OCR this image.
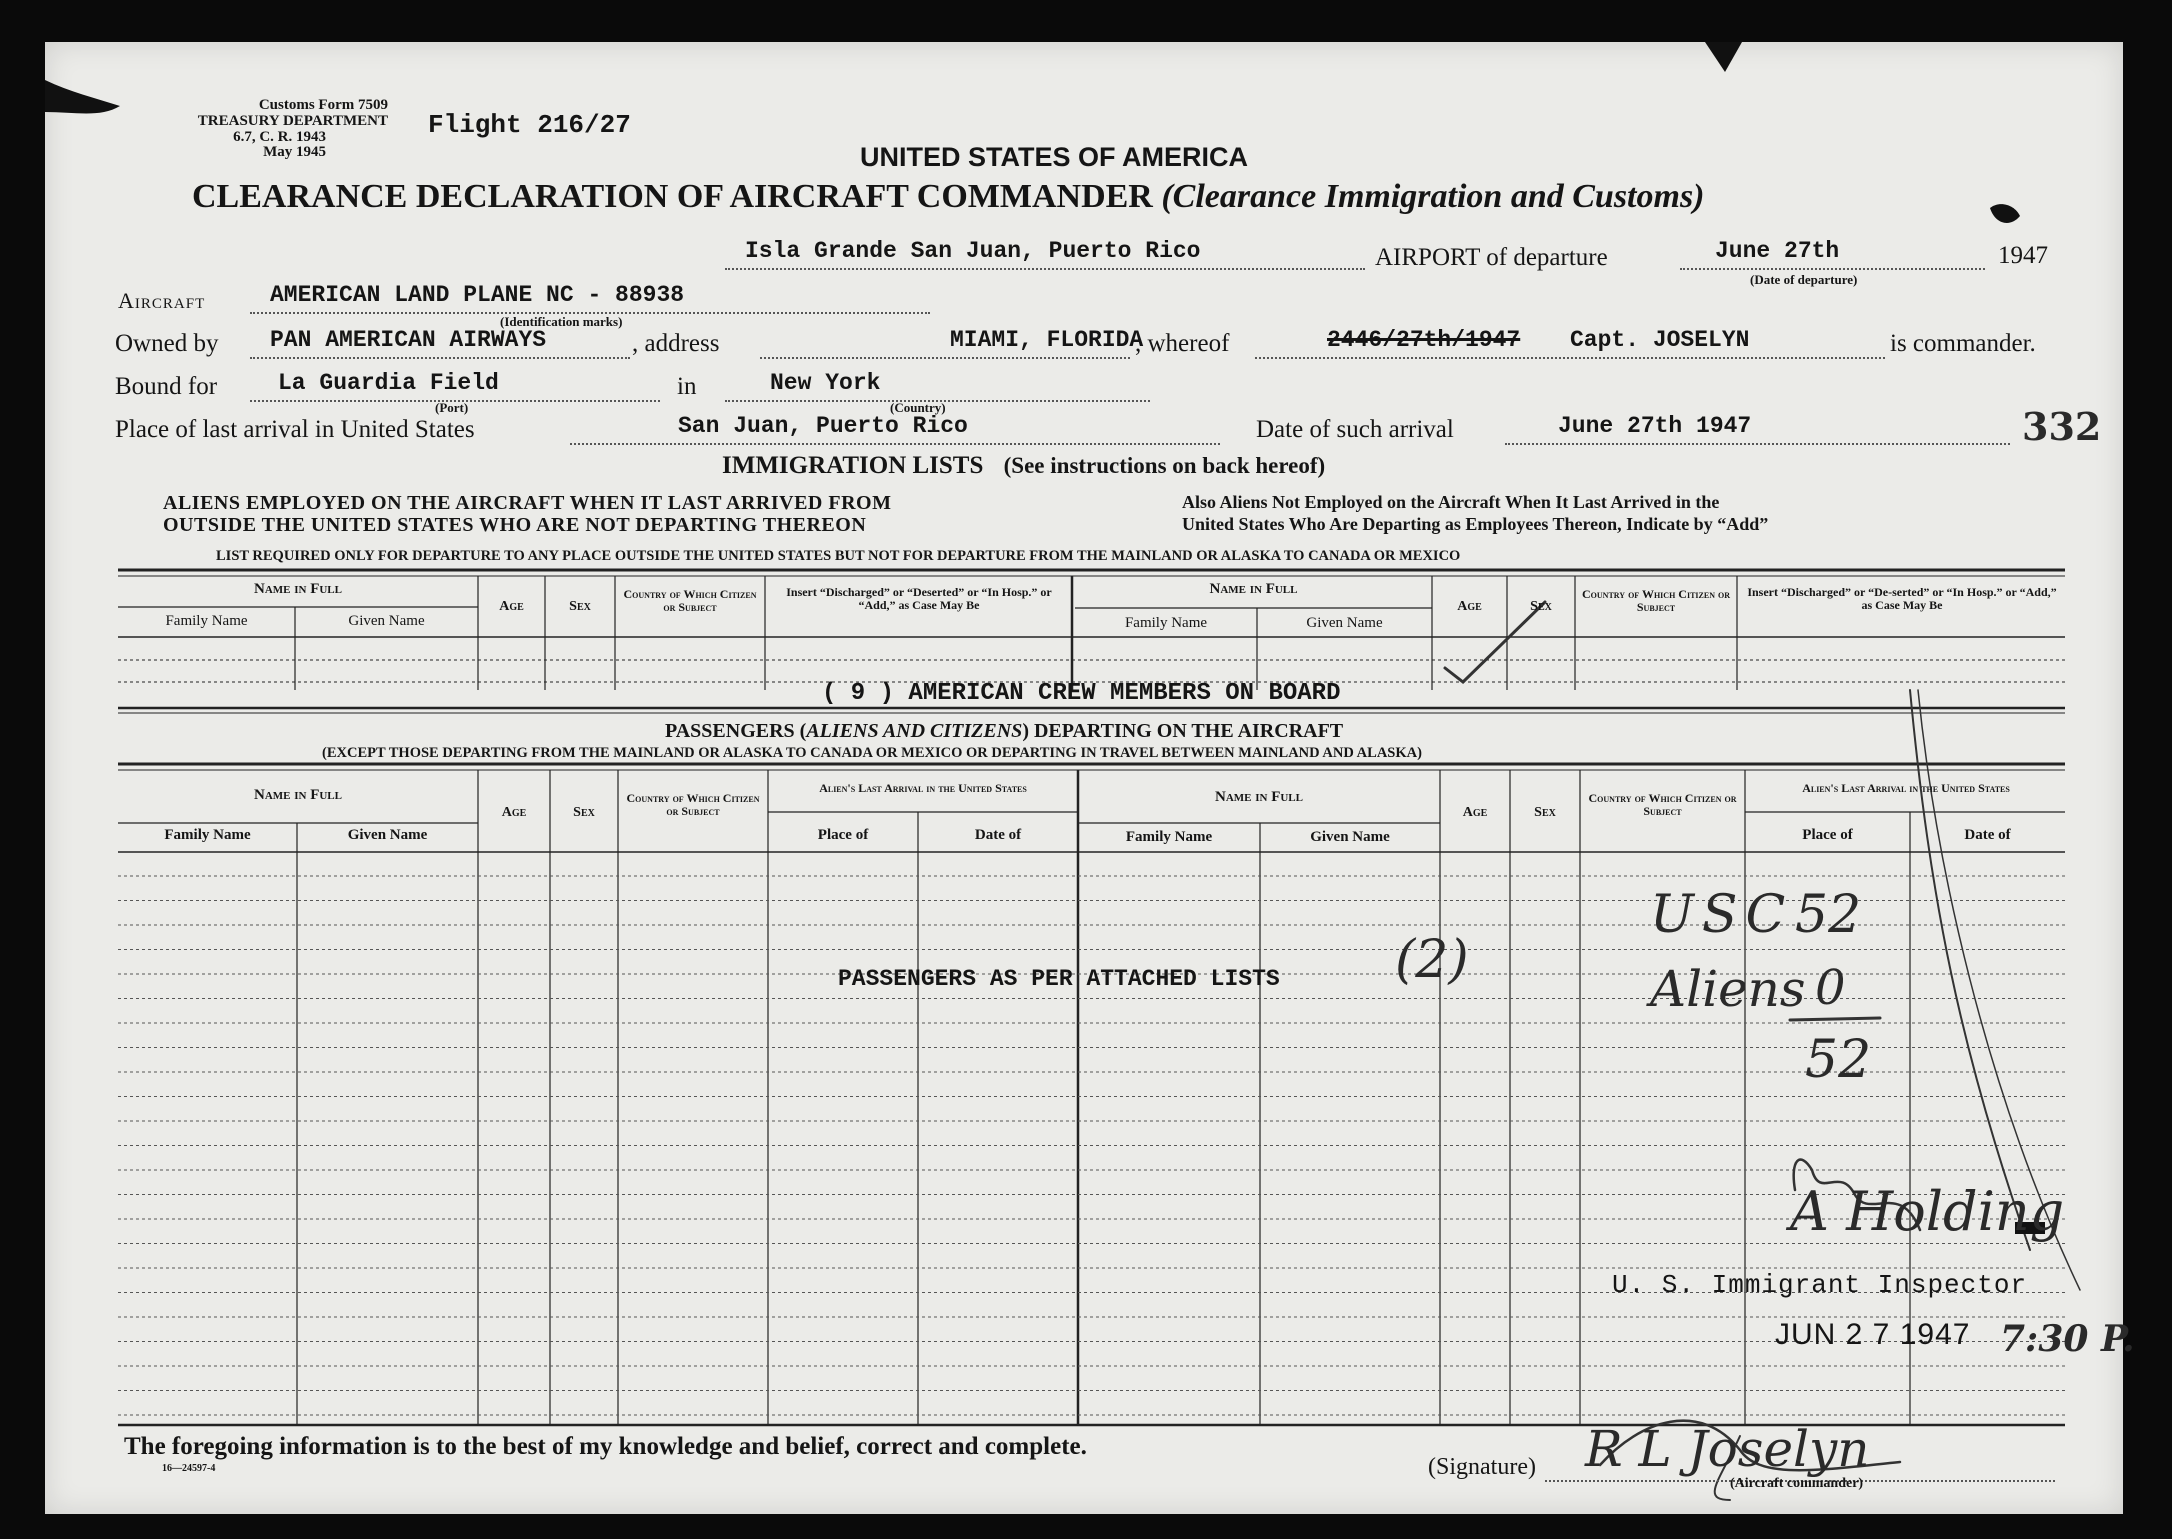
Customs Form 7509
TREASURY DEPARTMENT
6.7, C. R. 1943
May 1945
Flight 216/27
UNITED STATES OF AMERICA
CLEARANCE DECLARATION OF AIRCRAFT COMMANDER (Clearance Immigration and Customs)
Isla Grande San Juan, Puerto Rico	AIRPORT of departure	June 27th	1947
(Date of departure)
Aircraft	AMERICAN LAND PLANE NC - 88938
(Identification marks)
Owned by PAN AMERICAN AIRWAYS	, address	MIAMI, FLORIDA
, whereof	2446/27th/1947 Capt. JOSELYN	is commander.
Bound for	La Guardia Field
(Port)
in	New York
(Country)
Place of last arrival in United States	San Juan, Puerto Rico	Date of such arrival	June 27th 1947	332
IMMIGRATION LISTS (See instructions on back hereof)
ALIENS EMPLOYED ON THE AIRCRAFT WHEN IT LAST ARRIVED FROM
OUTSIDE THE UNITED STATES WHO ARE NOT DEPARTING THEREON
Also Aliens Not Employed on the Aircraft When It Last Arrived in the
United States Who Are Departing as Employees Thereon, Indicate by “Add”
LIST REQUIRED ONLY FOR DEPARTURE TO ANY PLACE OUTSIDE THE UNITED STATES BUT NOT FOR DEPARTURE FROM THE MAINLAND OR ALASKA TO CANADA OR MEXICO
Name in Full
Family Name	Given Name
Age	Sex
Country of Which Citizen or Subject
Insert “Discharged” or “Deserted” or “In Hosp.” or “Add,” as Case May Be
Name in Full
Family Name	Given Name
Age	Sex
Country of Which Citizen or Subject
Insert “Discharged” or “De-serted” or “In Hosp.” or “Add,” as Case May Be
( 9 ) AMERICAN CREW MEMBERS ON BOARD
PASSENGERS (ALIENS AND CITIZENS) DEPARTING ON THE AIRCRAFT
(EXCEPT THOSE DEPARTING FROM THE MAINLAND OR ALASKA TO CANADA OR MEXICO OR DEPARTING IN TRAVEL BETWEEN MAINLAND AND ALASKA)
Name in Full
Family Name	Given Name
Age	Sex
Country of Which Citizen or Subject
Alien's Last Arrival in the United States
Place of	Date of
Name in Full
Family Name	Given Name
Age	Sex
Country of Which Citizen or Subject
Alien's Last Arrival in the United States
Place of	Date of
PASSENGERS AS PER ATTACHED LISTS (2)
USC 52
Aliens 0
52
A Holding
U. S. Immigrant Inspector
JUN 2 7 1947 7:30 P.
The foregoing information is to the best of my knowledge and belief, correct and complete.
16—24597-4	(Signature) R L Joselyn
(Aircraft commander)
